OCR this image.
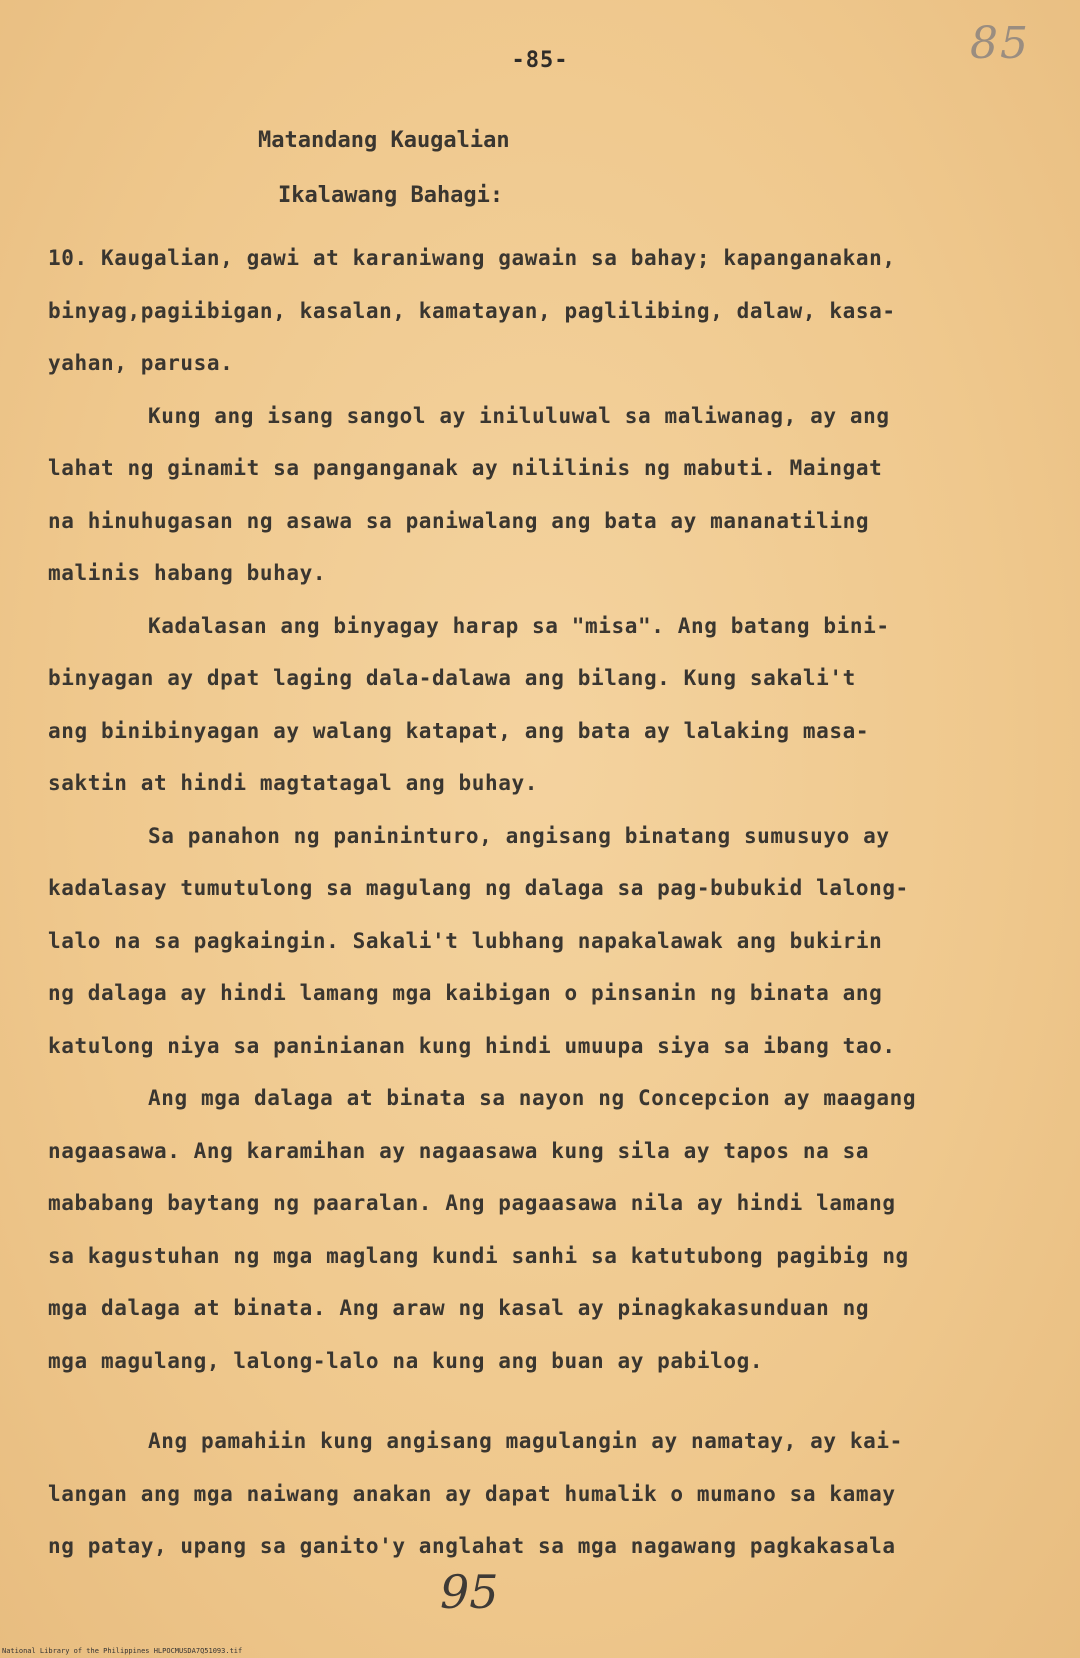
85
-85-
Matandang Kaugalian
Ikalawang Bahagi:
10. Kaugalian, gawi at karaniwang gawain sa bahay; kapanganakan,
binyag,pagiibigan, kasalan, kamatayan, paglilibing, dalaw, kasa-
yahan, parusa.
Kung ang isang sangol ay iniluluwal sa maliwanag, ay ang
lahat ng ginamit sa panganganak ay nililinis ng mabuti. Maingat
na hinuhugasan ng asawa sa paniwalang ang bata ay mananatiling
malinis habang buhay.
Kadalasan ang binyagay harap sa "misa". Ang batang bini-
binyagan ay dpat laging dala-dalawa ang bilang. Kung sakali't
ang binibinyagan ay walang katapat, ang bata ay lalaking masa-
saktin at hindi magtatagal ang buhay.
Sa panahon ng panininturo, angisang binatang sumusuyo ay
kadalasay tumutulong sa magulang ng dalaga sa pag-bubukid lalong-
lalo na sa pagkaingin. Sakali't lubhang napakalawak ang bukirin
ng dalaga ay hindi lamang mga kaibigan o pinsanin ng binata ang
katulong niya sa paninianan kung hindi umuupa siya sa ibang tao.
Ang mga dalaga at binata sa nayon ng Concepcion ay maagang
nagaasawa. Ang karamihan ay nagaasawa kung sila ay tapos na sa
mababang baytang ng paaralan. Ang pagaasawa nila ay hindi lamang
sa kagustuhan ng mga maglang kundi sanhi sa katutubong pagibig ng
mga dalaga at binata. Ang araw ng kasal ay pinagkakasunduan ng
mga magulang, lalong-lalo na kung ang buan ay pabilog.
Ang pamahiin kung angisang magulangin ay namatay, ay kai-
langan ang mga naiwang anakan ay dapat humalik o mumano sa kamay
ng patay, upang sa ganito'y anglahat sa mga nagawang pagkakasala
95
National Library of the Philippines HLPOCMUSDA7Q51093.tif
